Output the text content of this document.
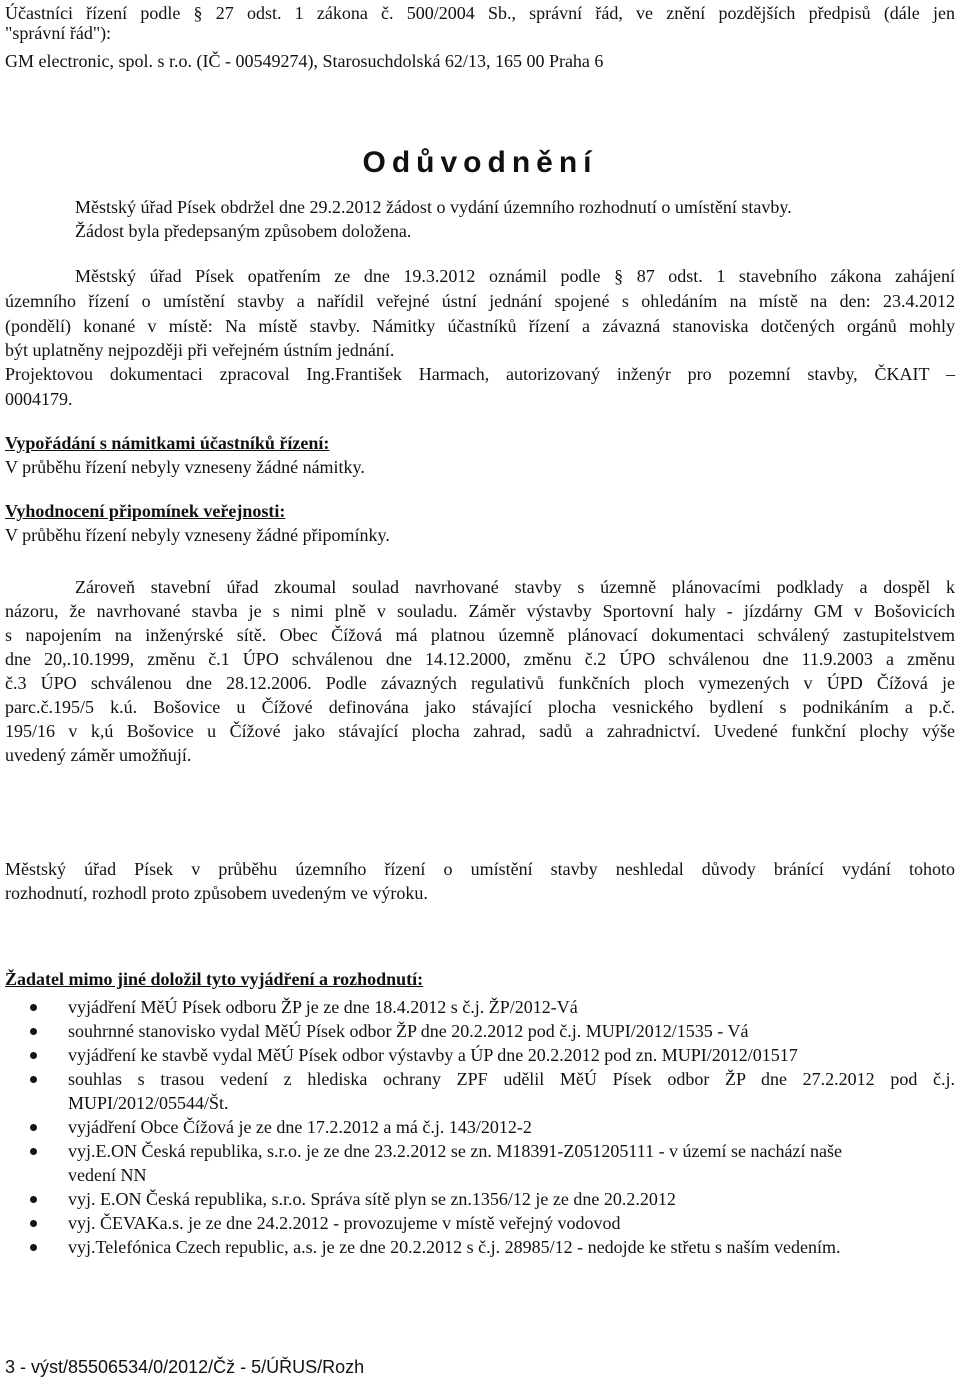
Účastníci řízení podle § 27 odst. 1 zákona č. 500/2004 Sb., správní řád, ve znění pozdějších předpisů (dále jen
"správní řád"):
GM electronic, spol. s r.o. (IČ - 00549274), Starosuchdolská 62/13, 165 00 Praha 6
Odůvodnění
Městský úřad Písek obdržel dne 29.2.2012 žádost o vydání územního rozhodnutí o umístění stavby.
Žádost byla předepsaným způsobem doložena.
Městský úřad Písek opatřením ze dne 19.3.2012 oznámil podle § 87 odst. 1 stavebního zákona zahájení
územního řízení o umístění stavby a nařídil veřejné ústní jednání spojené s ohledáním na místě na den: 23.4.2012
(pondělí) konané v místě: Na místě stavby. Námitky účastníků řízení a závazná stanoviska dotčených orgánů mohly
být uplatněny nejpozději při veřejném ústním jednání.
Projektovou dokumentaci zpracoval Ing.František Harmach, autorizovaný inženýr pro pozemní stavby, ČKAIT –
0004179.
Vypořádání s námitkami účastníků řízení:
V průběhu řízení nebyly vzneseny žádné námitky.
Vyhodnocení připomínek veřejnosti:
V průběhu řízení nebyly vzneseny žádné připomínky.
Zároveň stavební úřad zkoumal soulad navrhované stavby s územně plánovacími podklady a dospěl k
názoru, že navrhované stavba je s nimi plně v souladu. Záměr výstavby Sportovní haly - jízdárny GM v Bošovicích
s napojením na inženýrské sítě. Obec Čížová má platnou územně plánovací dokumentaci schválený zastupitelstvem
dne 20,.10.1999, změnu č.1 ÚPO schválenou dne 14.12.2000, změnu č.2 ÚPO schválenou dne 11.9.2003 a změnu
č.3 ÚPO schválenou dne 28.12.2006. Podle závazných regulativů funkčních ploch vymezených v ÚPD Čížová je
parc.č.195/5 k.ú. Bošovice u Čížové definována jako stávající plocha vesnického bydlení s podnikáním a p.č.
195/16 v k,ú Bošovice u Čížové jako stávající plocha zahrad, sadů a zahradnictví. Uvedené funkční plochy výše
uvedený záměr umožňují.
Městský úřad Písek v průběhu územního řízení o umístění stavby neshledal důvody bránící vydání tohoto
rozhodnutí, rozhodl proto způsobem uvedeným ve výroku.
Žadatel mimo jiné doložil tyto vyjádření a rozhodnutí:
vyjádření MěÚ Písek odboru ŽP je ze dne 18.4.2012 s č.j. ŽP/2012-Vá
souhrnné stanovisko vydal MěÚ Písek odbor ŽP dne 20.2.2012 pod č.j. MUPI/2012/1535 - Vá
vyjádření ke stavbě vydal MěÚ Písek odbor výstavby a ÚP dne 20.2.2012 pod zn. MUPI/2012/01517
souhlas s trasou vedení z hlediska ochrany ZPF udělil MěÚ Písek odbor ŽP dne 27.2.2012 pod č.j.
MUPI/2012/05544/Št.
vyjádření Obce Čížová je ze dne 17.2.2012 a má č.j. 143/2012-2
vyj.E.ON Česká republika, s.r.o. je ze dne 23.2.2012 se zn. M18391-Z051205111 - v území se nachází naše
vedení NN
vyj. E.ON Česká republika, s.r.o. Správa sítě plyn se zn.1356/12 je ze dne 20.2.2012
vyj. ČEVAKa.s. je ze dne 24.2.2012 - provozujeme v místě veřejný vodovod
vyj.Telefónica Czech republic, a.s. je ze dne 20.2.2012 s č.j. 28985/12 - nedojde ke střetu s naším vedením.
3 - výst/85506534/0/2012/Čž - 5/ÚŘUS/Rozh
